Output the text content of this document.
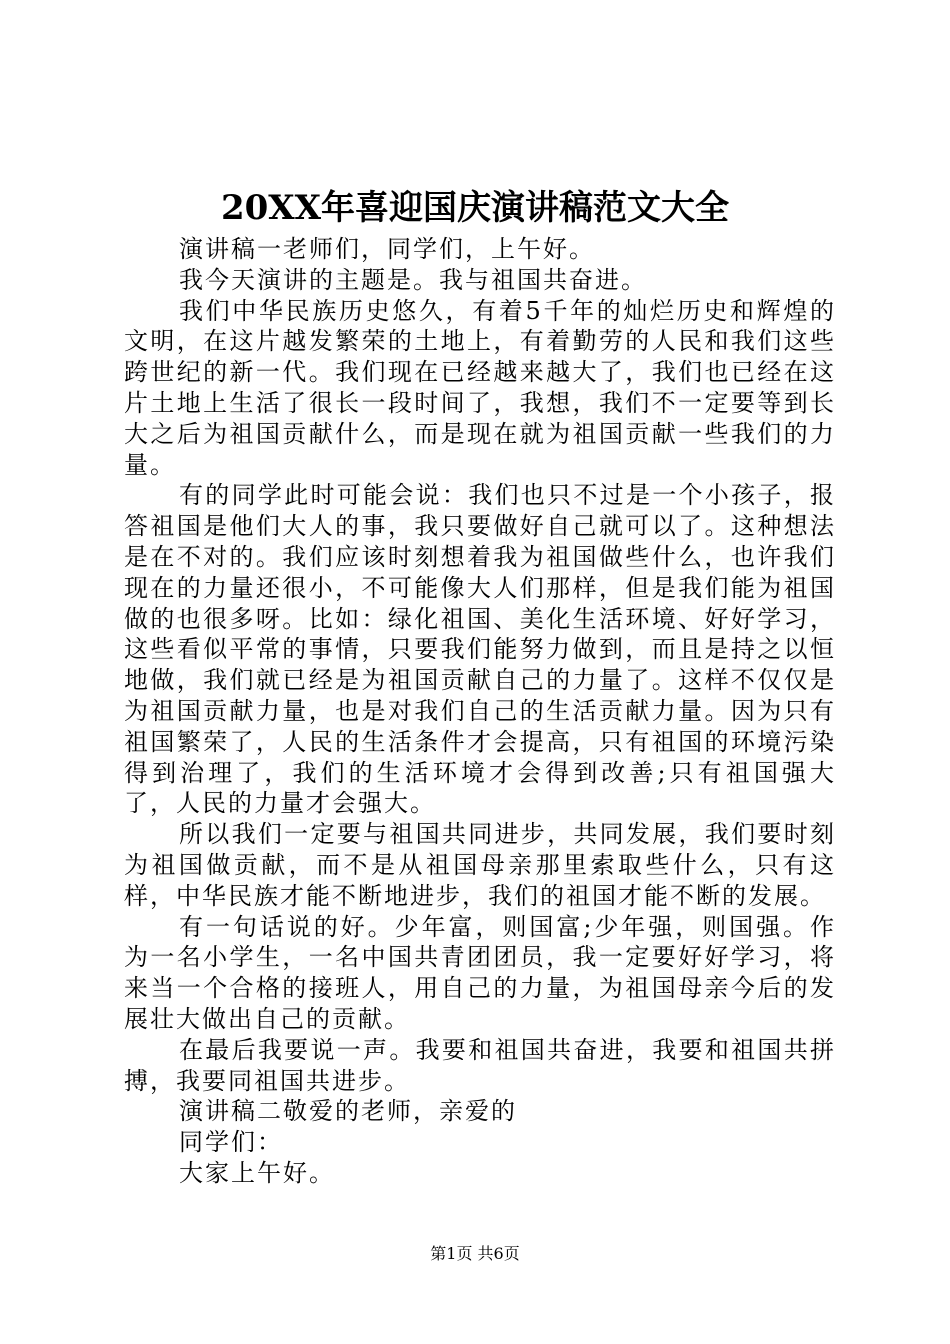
20XX年喜迎国庆演讲稿范文大全

演讲稿一老师们，同学们，上午好。

我今天演讲的主题是。我与祖国共奋进。

我们中华民族历史悠久，有着5千年的灿烂历史和辉煌的文明，在这片越发繁荣的土地上，有着勤劳的人民和我们这些跨世纪的新一代。我们现在已经越来越大了，我们也已经在这片土地上生活了很长一段时间了，我想，我们不一定要等到长大之后为祖国贡献什么，而是现在就为祖国贡献一些我们的力量。

有的同学此时可能会说：我们也只不过是一个小孩子，报答祖国是他们大人的事，我只要做好自己就可以了。这种想法是在不对的。我们应该时刻想着我为祖国做些什么，也许我们现在的力量还很小，不可能像大人们那样，但是我们能为祖国做的也很多呀。比如：绿化祖国、美化生活环境、好好学习，这些看似平常的事情，只要我们能努力做到，而且是持之以恒地做，我们就已经是为祖国贡献自己的力量了。这样不仅仅是为祖国贡献力量，也是对我们自己的生活贡献力量。因为只有祖国繁荣了，人民的生活条件才会提高，只有祖国的环境污染得到治理了，我们的生活环境才会得到改善;只有祖国强大了，人民的力量才会强大。

所以我们一定要与祖国共同进步，共同发展，我们要时刻为祖国做贡献，而不是从祖国母亲那里索取些什么，只有这样，中华民族才能不断地进步，我们的祖国才能不断的发展。

有一句话说的好。少年富，则国富;少年强，则国强。作为一名小学生，一名中国共青团团员，我一定要好好学习，将来当一个合格的接班人，用自己的力量，为祖国母亲今后的发展壮大做出自己的贡献。

在最后我要说一声。我要和祖国共奋进，我要和祖国共拼搏，我要同祖国共进步。

演讲稿二敬爱的老师，亲爱的

同学们：

大家上午好。

第1页 共6页
